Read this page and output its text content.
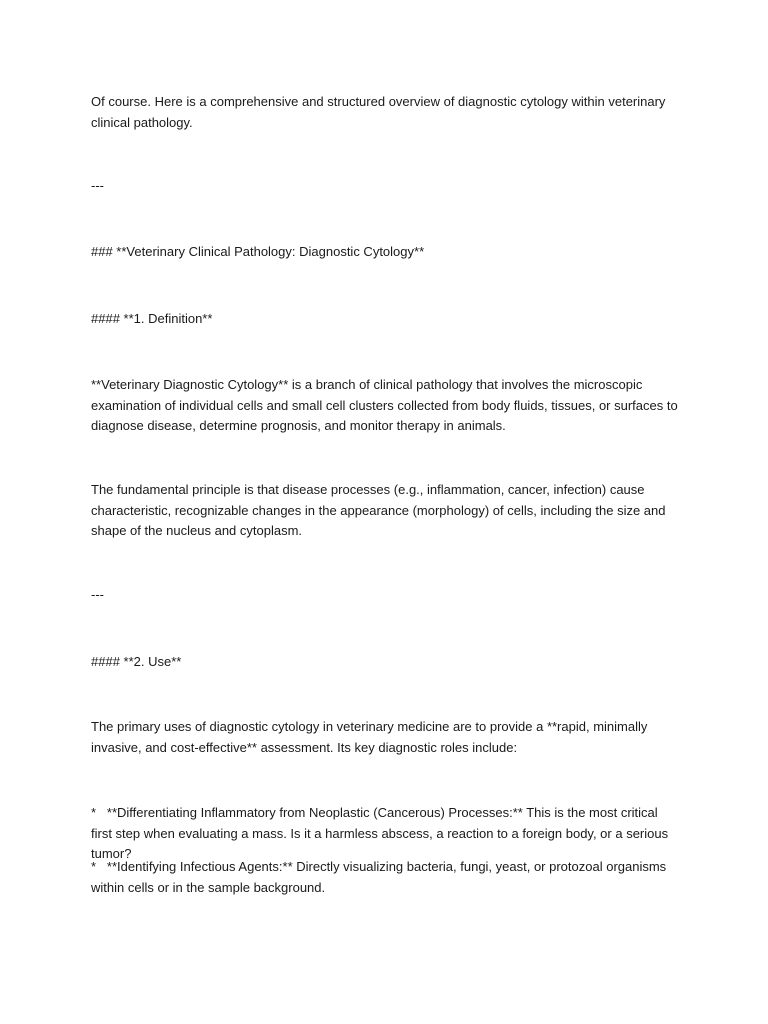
Of course. Here is a comprehensive and structured overview of diagnostic cytology within veterinary clinical pathology.

---

### **Veterinary Clinical Pathology: Diagnostic Cytology**

#### **1. Definition**

**Veterinary Diagnostic Cytology** is a branch of clinical pathology that involves the microscopic examination of individual cells and small cell clusters collected from body fluids, tissues, or surfaces to diagnose disease, determine prognosis, and monitor therapy in animals.

The fundamental principle is that disease processes (e.g., inflammation, cancer, infection) cause characteristic, recognizable changes in the appearance (morphology) of cells, including the size and shape of the nucleus and cytoplasm.

---

#### **2. Use**

The primary uses of diagnostic cytology in veterinary medicine are to provide a **rapid, minimally invasive, and cost-effective** assessment. Its key diagnostic roles include:

*   **Differentiating Inflammatory from Neoplastic (Cancerous) Processes:** This is the most critical first step when evaluating a mass. Is it a harmless abscess, a reaction to a foreign body, or a serious tumor?

*   **Identifying Infectious Agents:** Directly visualizing bacteria, fungi, yeast, or protozoal organisms within cells or in the sample background.
